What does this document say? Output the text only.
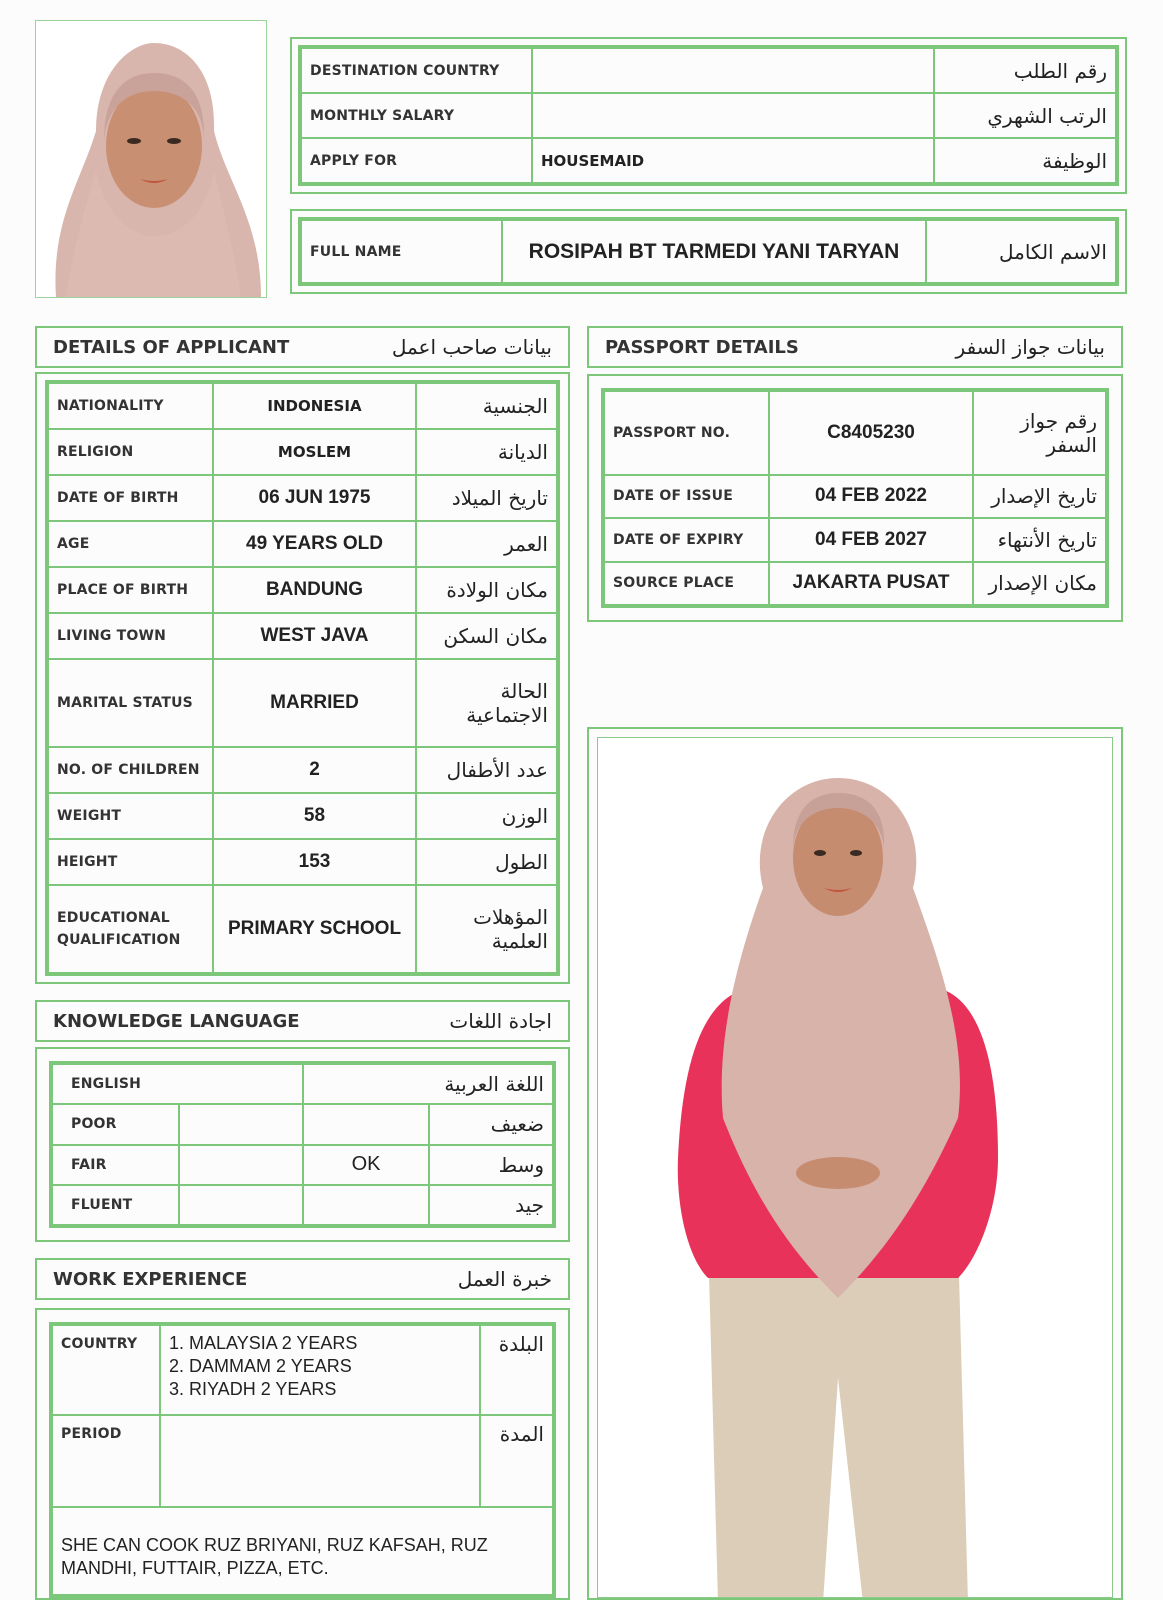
DESTINATION COUNTRY		رقم الطلب
MONTHLY SALARY		الرتب الشهري
APPLY FOR	HOUSEMAID	الوظيفة
FULL NAME	ROSIPAH BT TARMEDI YANI TARYAN	الاسم الكامل
DETAILS OF APPLICANT	بيانات صاحب اعمل
NATIONALITY	INDONESIA	الجنسية
RELIGION	MOSLEM	الديانة
DATE OF BIRTH	06 JUN 1975	تاريخ الميلاد
AGE	49 YEARS OLD	العمر
PLACE OF BIRTH	BANDUNG	مكان الولادة
LIVING TOWN	WEST JAVA	مكان السكن
MARITAL STATUS	MARRIED	الحالة الاجتماعية
NO. OF CHILDREN	2	عدد الأطفال
WEIGHT	58	الوزن
HEIGHT	153	الطول
EDUCATIONAL QUALIFICATION	PRIMARY SCHOOL	المؤهلات العلمية
PASSPORT DETAILS	بيانات جواز السفر
PASSPORT NO.	C8405230	رقم جواز السفر
DATE OF ISSUE	04 FEB 2022	تاريخ الإصدار
DATE OF EXPIRY	04 FEB 2027	تاريخ الأنتهاء
SOURCE PLACE	JAKARTA PUSAT	مكان الإصدار
KNOWLEDGE LANGUAGE	اجادة اللغات
ENGLISH		اللغة العربية	
POOR			ضعيف
FAIR		OK	وسط
FLUENT			جيد
WORK EXPERIENCE	خبرة العمل
COUNTRY	1. MALAYSIA 2 YEARS
2. DAMMAM 2 YEARS
3. RIYADH 2 YEARS	البلدة
PERIOD		المدة
SHE CAN COOK RUZ BRIYANI, RUZ KAFSAH, RUZ MANDHI, FUTTAIR, PIZZA, ETC.		
